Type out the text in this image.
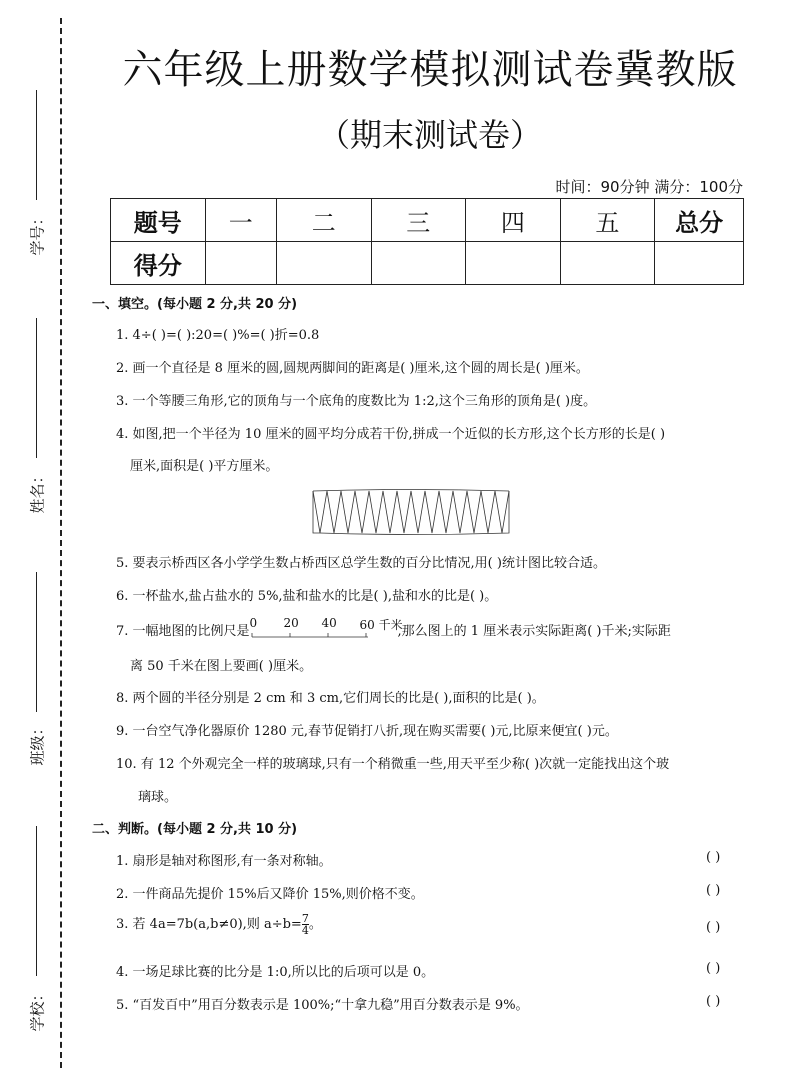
学号：
姓名：
班级：
学校：
六年级上册数学模拟测试卷冀教版
（期末测试卷）
时间：90分钟 满分：100分
题号	一	二	三	四	五	总分
得分						
一、填空。(每小题 2 分,共 20 分)
1. 4÷( )=( ):20=( )%=( )折=0.8
2. 画一个直径是 8 厘米的圆,圆规两脚间的距离是( )厘米,这个圆的周长是( )厘米。
3. 一个等腰三角形,它的顶角与一个底角的度数比为 1:2,这个三角形的顶角是( )度。
4. 如图,把一个半径为 10 厘米的圆平均分成若干份,拼成一个近似的长方形,这个长方形的长是( )
厘米,面积是( )平方厘米。
5. 要表示桥西区各小学学生数占桥西区总学生数的百分比情况,用( )统计图比较合适。
6. 一杯盐水,盐占盐水的 5%,盐和盐水的比是( ),盐和水的比是( )。
7. 一幅地图的比例尺是
0 20 40 60 千米
,那么图上的 1 厘米表示实际距离( )千米;实际距
离 50 千米在图上要画( )厘米。
8. 两个圆的半径分别是 2 cm 和 3 cm,它们周长的比是( ),面积的比是( )。
9. 一台空气净化器原价 1280 元,春节促销打八折,现在购买需要( )元,比原来便宜( )元。
10. 有 12 个外观完全一样的玻璃球,只有一个稍微重一些,用天平至少称( )次就一定能找出这个玻
璃球。
二、判断。(每小题 2 分,共 10 分)
1. 扇形是轴对称图形,有一条对称轴。	( )
2. 一件商品先提价 15%后又降价 15%,则价格不变。	( )
3. 若 4a=7b(a,b≠0),则 $a\div b= \frac{7}{4}$ 。	( )
4. 一场足球比赛的比分是 1:0,所以比的后项可以是 0。	( )
5. “百发百中”用百分数表示是 100%;“十拿九稳”用百分数表示是 9%。	( )
